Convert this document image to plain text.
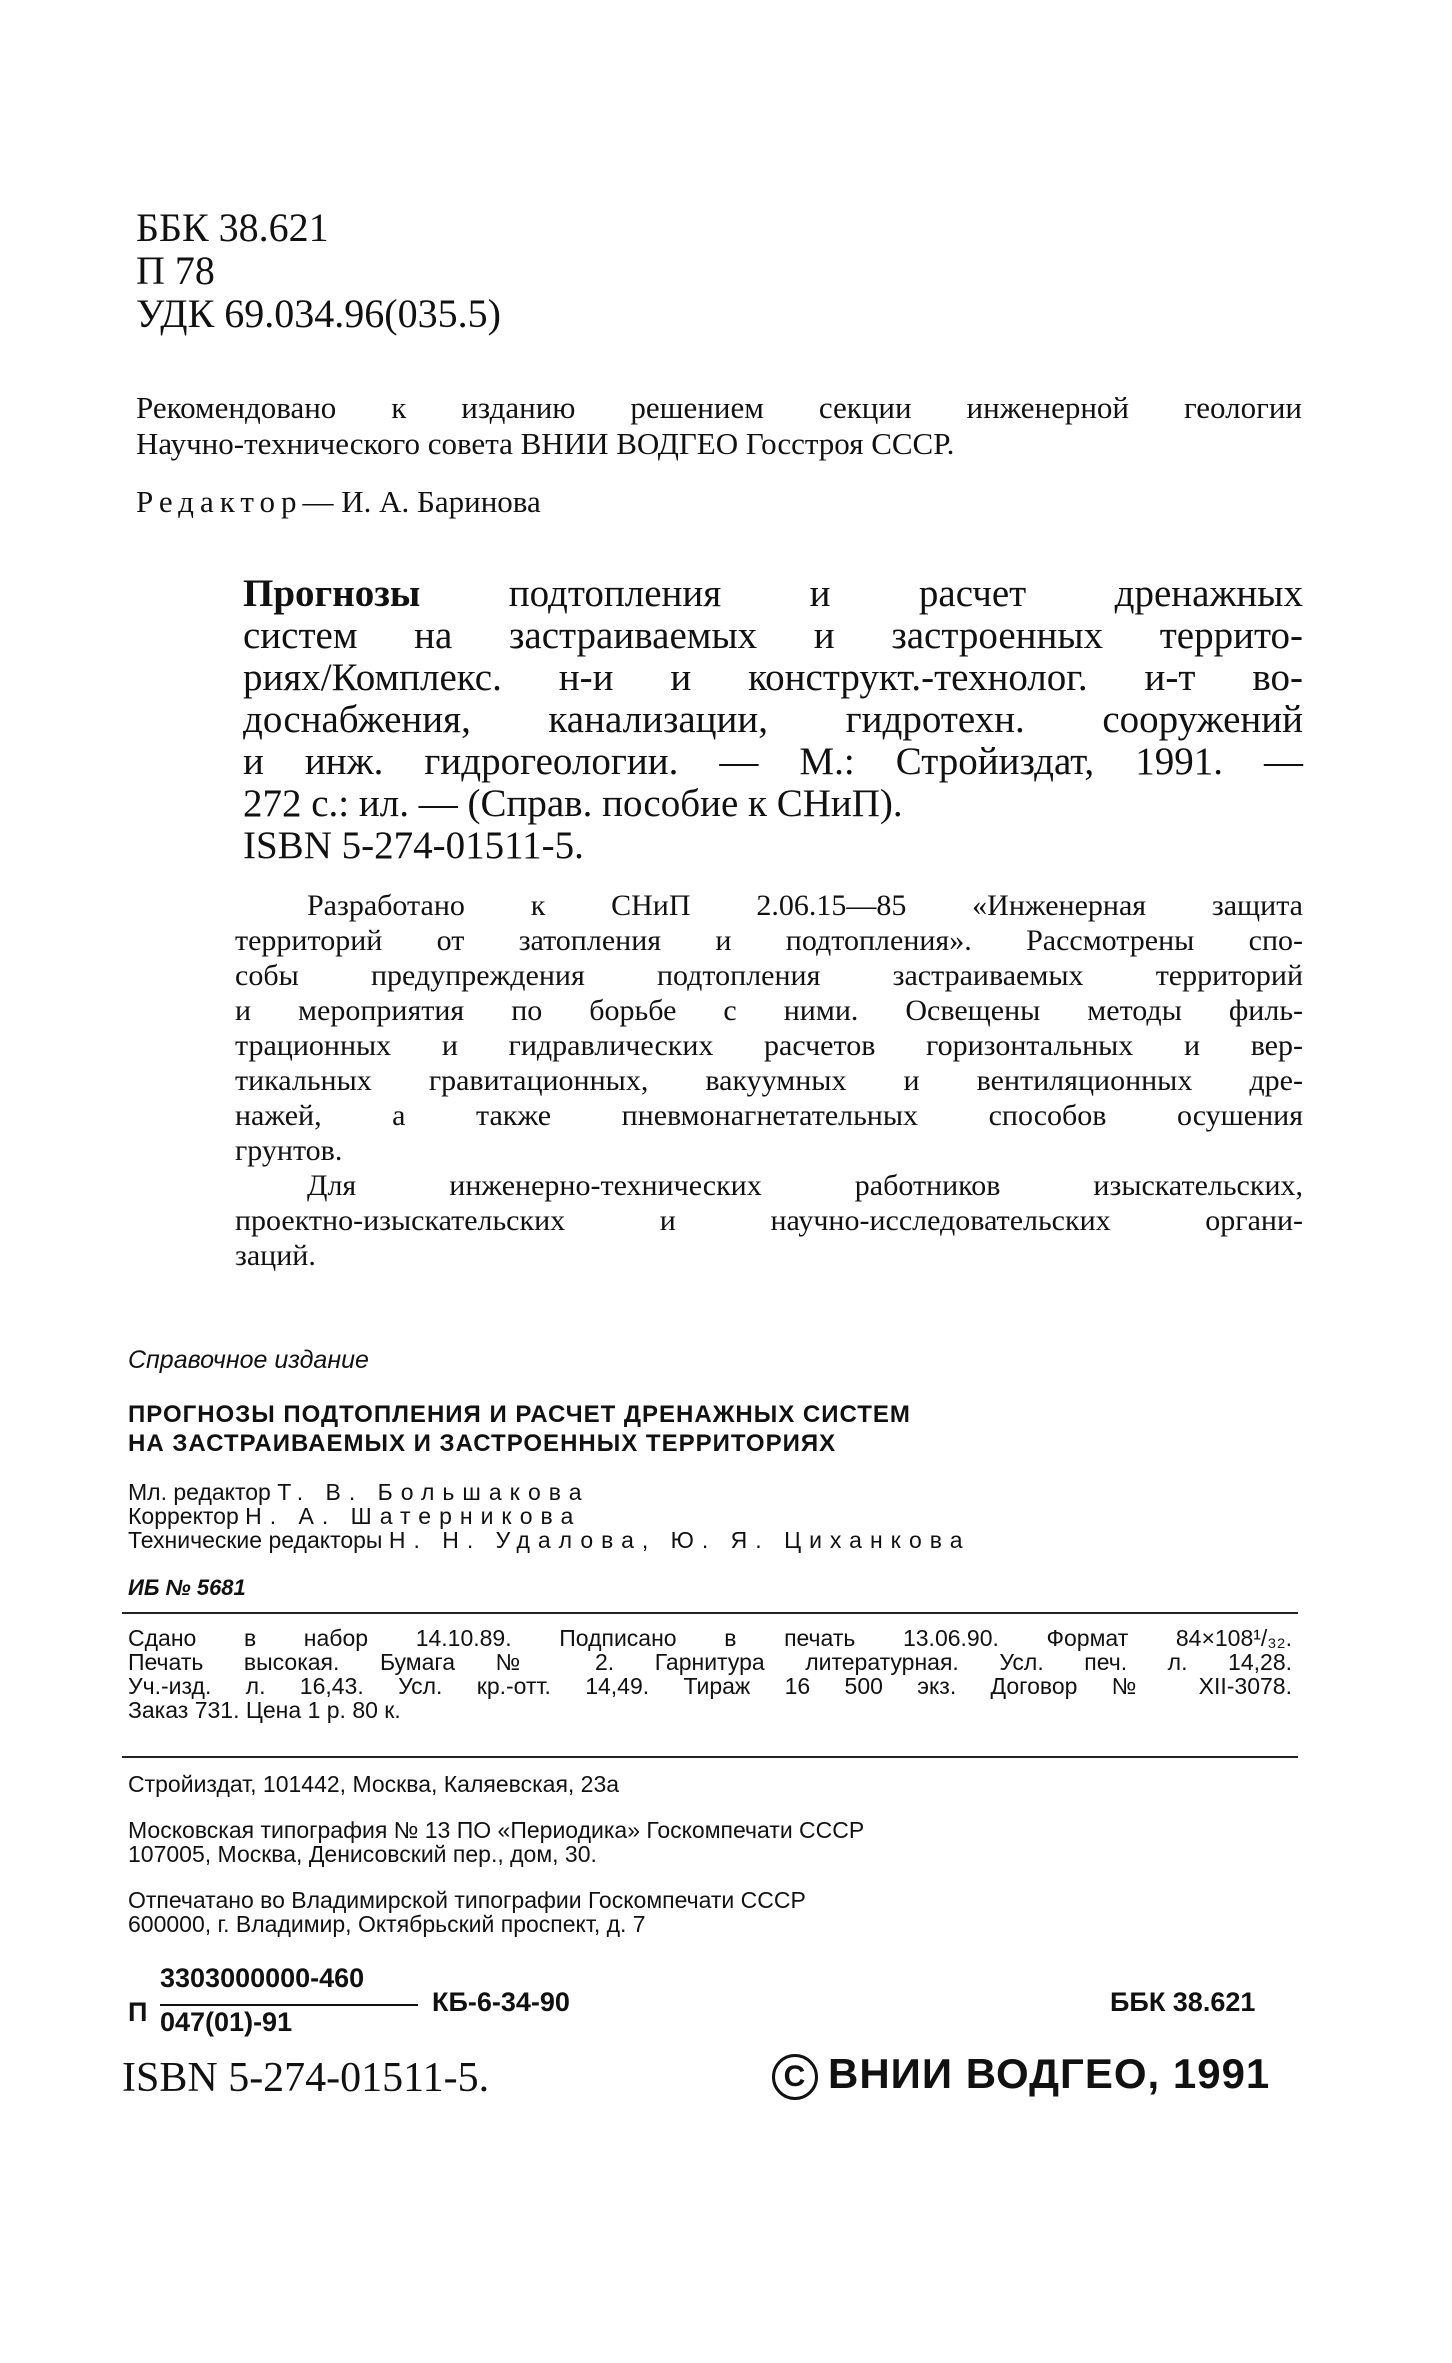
ББК 38.621
П 78
УДК 69.034.96(035.5)
Рекомендовано к изданию решением секции инженерной геологии
Научно-технического совета ВНИИ ВОДГЕО Госстроя СССР.
Редактор— И. А. Баринова
Прогнозы подтопления и расчет дренажных
систем на застраиваемых и застроенных террито-
риях/Комплекс. н-и и конструкт.-технолог. и-т во-
доснабжения, канализации, гидротехн. сооружений
и инж. гидрогеологии. — М.: Стройиздат, 1991. —
272 с.: ил. — (Справ. пособие к СНиП).
ISBN 5-274-01511-5.
Разработано к СНиП 2.06.15—85 «Инженерная защита
территорий от затопления и подтопления». Рассмотрены спо-
собы предупреждения подтопления застраиваемых территорий
и мероприятия по борьбе с ними. Освещены методы филь-
трационных и гидравлических расчетов горизонтальных и вер-
тикальных гравитационных, вакуумных и вентиляционных дре-
нажей, а также пневмонагнетательных способов осушения
грунтов.
Для инженерно-технических работников изыскательских,
проектно-изыскательских и научно-исследовательских органи-
заций.
Справочное издание
ПРОГНОЗЫ ПОДТОПЛЕНИЯ И РАСЧЕТ ДРЕНАЖНЫХ СИСТЕМ
НА ЗАСТРАИВАЕМЫХ И ЗАСТРОЕННЫХ ТЕРРИТОРИЯХ
Мл. редактор Т. В. Большакова
Корректор Н. А. Шатерникова
Технические редакторы Н. Н. Удалова, Ю. Я. Циханкова
ИБ № 5681
Сдано в набор 14.10.89. Подписано в печать 13.06.90. Формат 84×108¹/₃₂.
Печать высокая. Бумага № 2. Гарнитура литературная. Усл. печ. л. 14,28.
Уч.-изд. л. 16,43. Усл. кр.-отт. 14,49. Тираж 16 500 экз. Договор № XII-3078.
Заказ 731. Цена 1 р. 80 к.
Стройиздат, 101442, Москва, Каляевская, 23а
Московская типография № 13 ПО «Периодика» Госкомпечати СССР
107005, Москва, Денисовский пер., дом, 30.
Отпечатано во Владимирской типографии Госкомпечати СССР
600000, г. Владимир, Октябрьский проспект, д. 7
П
3303000000-460
047(01)-91
КБ-6-34-90	ББК 38.621
ISBN 5-274-01511-5.	C ВНИИ ВОДГЕО, 1991
